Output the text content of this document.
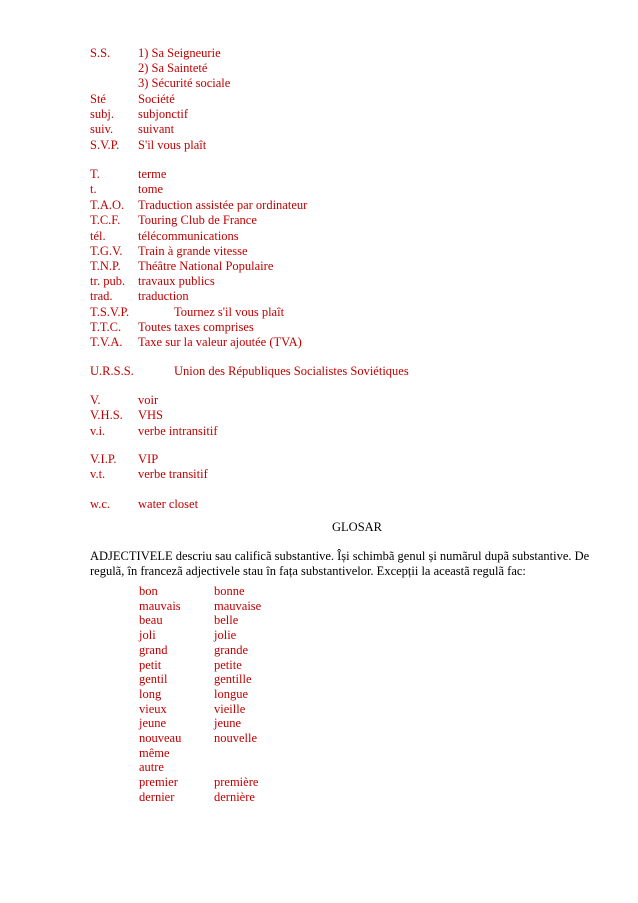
S.S. 1) Sa Seigneurie
2) Sa Sainteté
3) Sécurité sociale
Sté	Société
subj. subjonctif
suiv. suivant
S.V.P. S'il vous plaît
T.	terme
t.	tome
T.A.O. Traduction assistée par ordinateur
T.C.F. Touring Club de France
tél.	télécommunications
T.G.V. Train à grande vitesse
T.N.P. Théâtre National Populaire
tr. pub. travaux publics
trad. traduction
T.S.V.P.	Tournez s'il vous plaît
T.T.C. Toutes taxes comprises
T.V.A. Taxe sur la valeur ajoutée (TVA)
U.R.S.S.	Union des Républiques Socialistes Soviétiques
V.	voir
V.H.S. VHS
v.i.	verbe intransitif
V.I.P. VIP
v.t.	verbe transitif
w.c. water closet
GLOSAR
ADJECTIVELE descriu sau calificã substantive. Își schimbã genul și numãrul dupã substantive. De
regulã, în francezã adjectivele stau în fața substantivelor. Excepții la aceastã regulã fac:
bon	bonne
mauvais	mauvaise
beau	belle
joli	jolie
grand	grande
petit	petite
gentil	gentille
long	longue
vieux	vieille
jeune	jeune
nouveau	nouvelle
même
autre
premier	première
dernier	dernière
